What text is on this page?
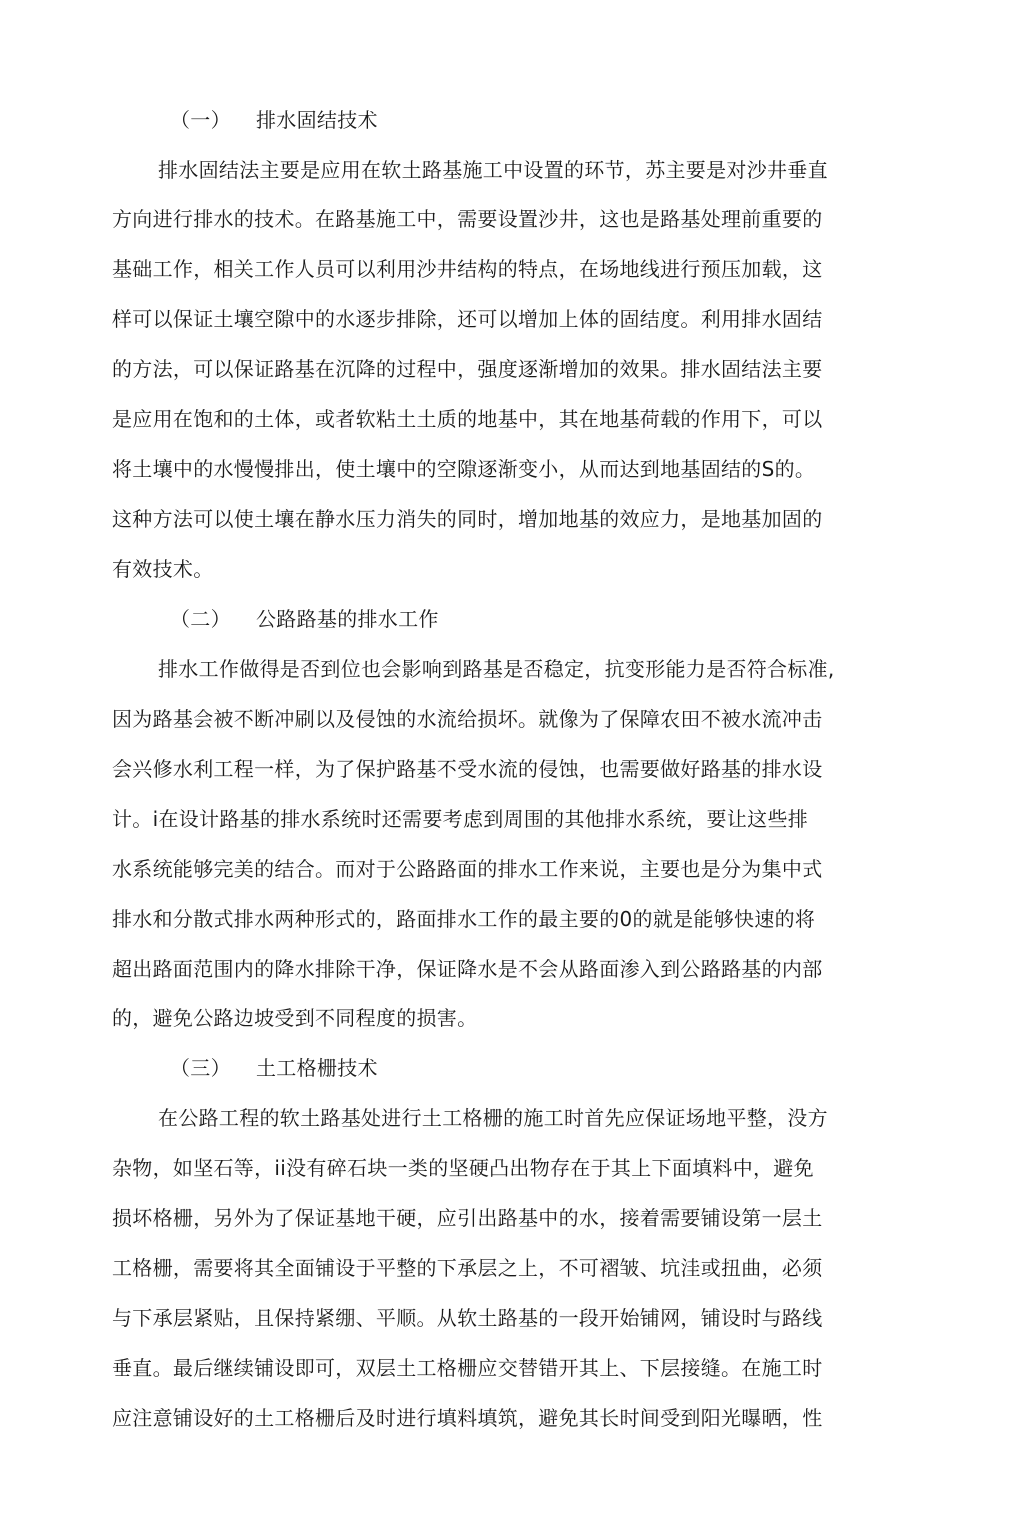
（一） 排水固结技术
排水固结法主要是应用在软土路基施工中设置的环节，苏主要是对沙井垂直
方向进行排水的技术。在路基施工中，需要设置沙井，这也是路基处理前重要的
基础工作，相关工作人员可以利用沙井结构的特点，在场地线进行预压加载，这
样可以保证土壤空隙中的水逐步排除，还可以增加上体的固结度。利用排水固结
的方法，可以保证路基在沉降的过程中，强度逐渐增加的效果。排水固结法主要
是应用在饱和的土体，或者软粘土土质的地基中，其在地基荷载的作用下，可以
将土壤中的水慢慢排出，使土壤中的空隙逐渐变小，从而达到地基固结的S的。
这种方法可以使土壤在静水压力消失的同时，增加地基的效应力，是地基加固的
有效技术。
（二） 公路路基的排水工作
排水工作做得是否到位也会影响到路基是否稳定，抗变形能力是否符合标准,
因为路基会被不断冲刷以及侵蚀的水流给损坏。就像为了保障农田不被水流冲击
会兴修水利工程一样，为了保护路基不受水流的侵蚀，也需要做好路基的排水设
计。i在设计路基的排水系统时还需要考虑到周围的其他排水系统，要让这些排
水系统能够完美的结合。而对于公路路面的排水工作来说，主要也是分为集中式
排水和分散式排水两种形式的，路面排水工作的最主要的0的就是能够快速的将
超出路面范围内的降水排除干净，保证降水是不会从路面渗入到公路路基的内部
的，避免公路边坡受到不同程度的损害。
（三） 土工格栅技术
在公路工程的软土路基处进行土工格栅的施工时首先应保证场地平整，没方
杂物，如坚石等，ii没有碎石块一类的坚硬凸出物存在于其上下面填料中，避免
损坏格栅，另外为了保证基地干硬，应引出路基中的水，接着需要铺设第一层土
工格栅，需要将其全面铺设于平整的下承层之上，不可褶皱、坑洼或扭曲，必须
与下承层紧贴，且保持紧绷、平顺。从软土路基的一段开始铺网，铺设时与路线
垂直。最后继续铺设即可，双层土工格栅应交替错开其上、下层接缝。在施工时
应注意铺设好的土工格栅后及时进行填料填筑，避免其长时间受到阳光曝晒，性
